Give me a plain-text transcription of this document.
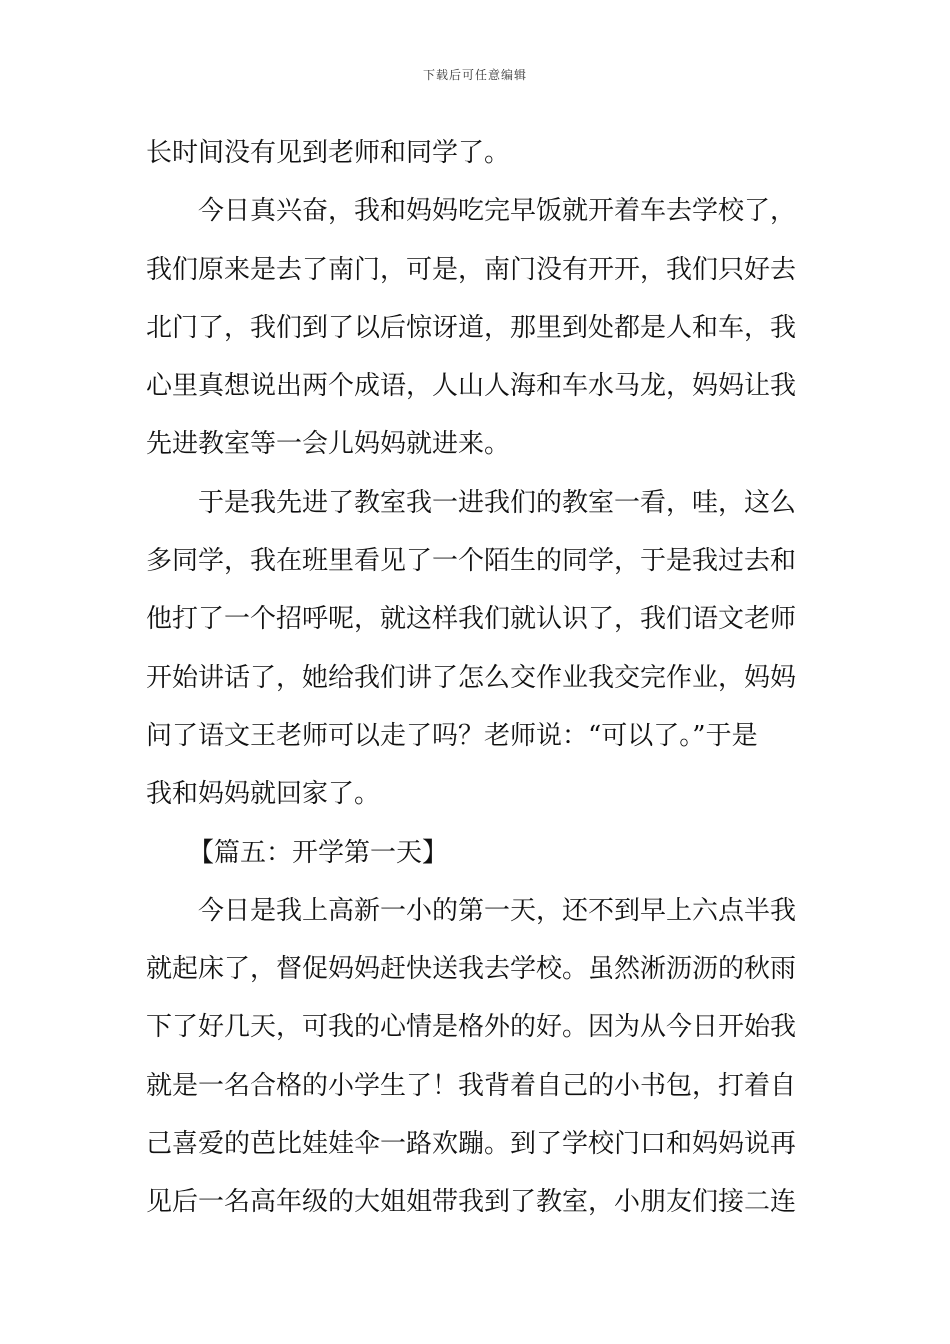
下载后可任意编辑
长时间没有见到老师和同学了。
今日真兴奋，我和妈妈吃完早饭就开着车去学校了，
我们原来是去了南门，可是，南门没有开开，我们只好去
北门了，我们到了以后惊讶道，那里到处都是人和车，我
心里真想说出两个成语，人山人海和车水马龙，妈妈让我
先进教室等一会儿妈妈就进来。
于是我先进了教室我一进我们的教室一看，哇，这么
多同学，我在班里看见了一个陌生的同学，于是我过去和
他打了一个招呼呢，就这样我们就认识了，我们语文老师
开始讲话了，她给我们讲了怎么交作业我交完作业，妈妈
问了语文王老师可以走了吗？老师说：“可以了。”于是
我和妈妈就回家了。
【篇五：开学第一天】
今日是我上高新一小的第一天，还不到早上六点半我
就起床了，督促妈妈赶快送我去学校。虽然淅沥沥的秋雨
下了好几天，可我的心情是格外的好。因为从今日开始我
就是一名合格的小学生了！我背着自己的小书包，打着自
己喜爱的芭比娃娃伞一路欢蹦。到了学校门口和妈妈说再
见后一名高年级的大姐姐带我到了教室，小朋友们接二连
